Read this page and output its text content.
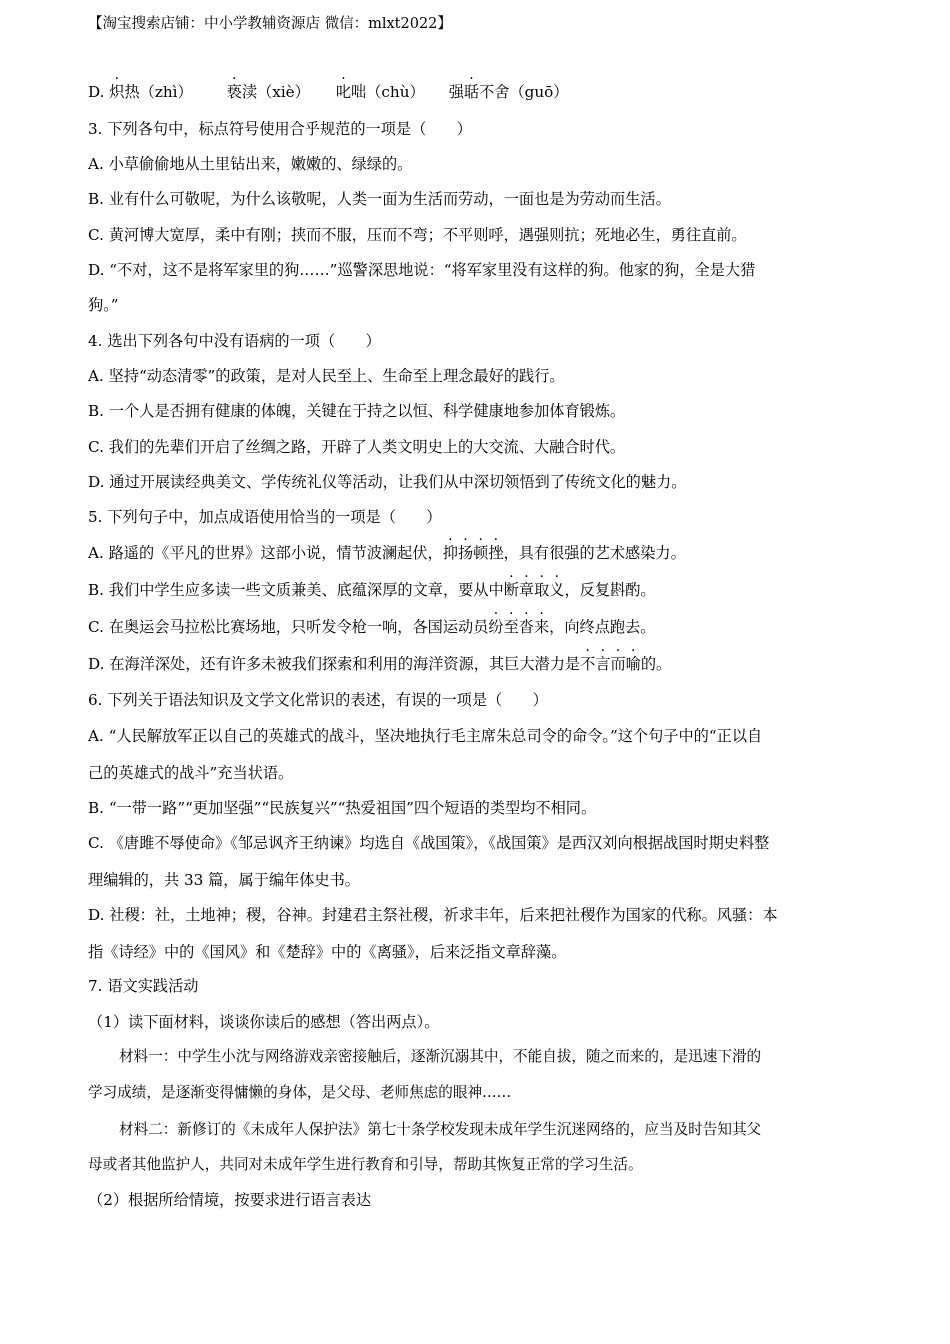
【淘宝搜索店铺：中小学教辅资源店 微信：mlxt2022】
D. 炽热（zhì） 亵渎（xiè） 叱咄（chù） 强聒不舍（guō）
3. 下列各句中，标点符号使用合乎规范的一项是（　　）
A. 小草偷偷地从土里钻出来，嫩嫩的、绿绿的。
B. 业有什么可敬呢，为什么该敬呢，人类一面为生活而劳动，一面也是为劳动而生活。
C. 黄河博大宽厚，柔中有刚；挟而不服，压而不弯；不平则呼，遇强则抗；死地必生，勇往直前。
D. “不对，这不是将军家里的狗……”巡警深思地说：“将军家里没有这样的狗。他家的狗，全是大猎
狗。”
4. 选出下列各句中没有语病的一项（　　）
A. 坚持“动态清零”的政策，是对人民至上、生命至上理念最好的践行。
B. 一个人是否拥有健康的体魄，关键在于持之以恒、科学健康地参加体育锻炼。
C. 我们的先辈们开启了丝绸之路，开辟了人类文明史上的大交流、大融合时代。
D. 通过开展读经典美文、学传统礼仪等活动，让我们从中深切领悟到了传统文化的魅力。
5. 下列句子中，加点成语使用恰当的一项是（　　）
A. 路遥的《平凡的世界》这部小说，情节波澜起伏，抑扬顿挫，具有很强的艺术感染力。
B. 我们中学生应多读一些文质兼美、底蕴深厚的文章，要从中断章取义，反复斟酌。
C. 在奥运会马拉松比赛场地，只听发令枪一响，各国运动员纷至沓来，向终点跑去。
D. 在海洋深处，还有许多未被我们探索和利用的海洋资源，其巨大潜力是不言而喻的。
6. 下列关于语法知识及文学文化常识的表述，有误的一项是（　　）
A. “人民解放军正以自己的英雄式的战斗，坚决地执行毛主席朱总司令的命令。”这个句子中的“正以自
己的英雄式的战斗”充当状语。
B. “一带一路”“更加坚强”“民族复兴”“热爱祖国”四个短语的类型均不相同。
C. 《唐雎不辱使命》《邹忌讽齐王纳谏》均选自《战国策》，《战国策》是西汉刘向根据战国时期史料整
理编辑的，共 33 篇，属于编年体史书。
D. 社稷：社，土地神；稷，谷神。封建君主祭社稷，祈求丰年，后来把社稷作为国家的代称。风骚：本
指《诗经》中的《国风》和《楚辞》中的《离骚》，后来泛指文章辞藻。
7. 语文实践活动
（1）读下面材料，谈谈你读后的感想（答出两点）。
材料一：中学生小沈与网络游戏亲密接触后，逐渐沉溺其中，不能自拔，随之而来的，是迅速下滑的
学习成绩，是逐渐变得慵懒的身体，是父母、老师焦虑的眼神……
材料二：新修订的《未成年人保护法》第七十条学校发现未成年学生沉迷网络的，应当及时告知其父
母或者其他监护人，共同对未成年学生进行教育和引导，帮助其恢复正常的学习生活。
（2）根据所给情境，按要求进行语言表达
